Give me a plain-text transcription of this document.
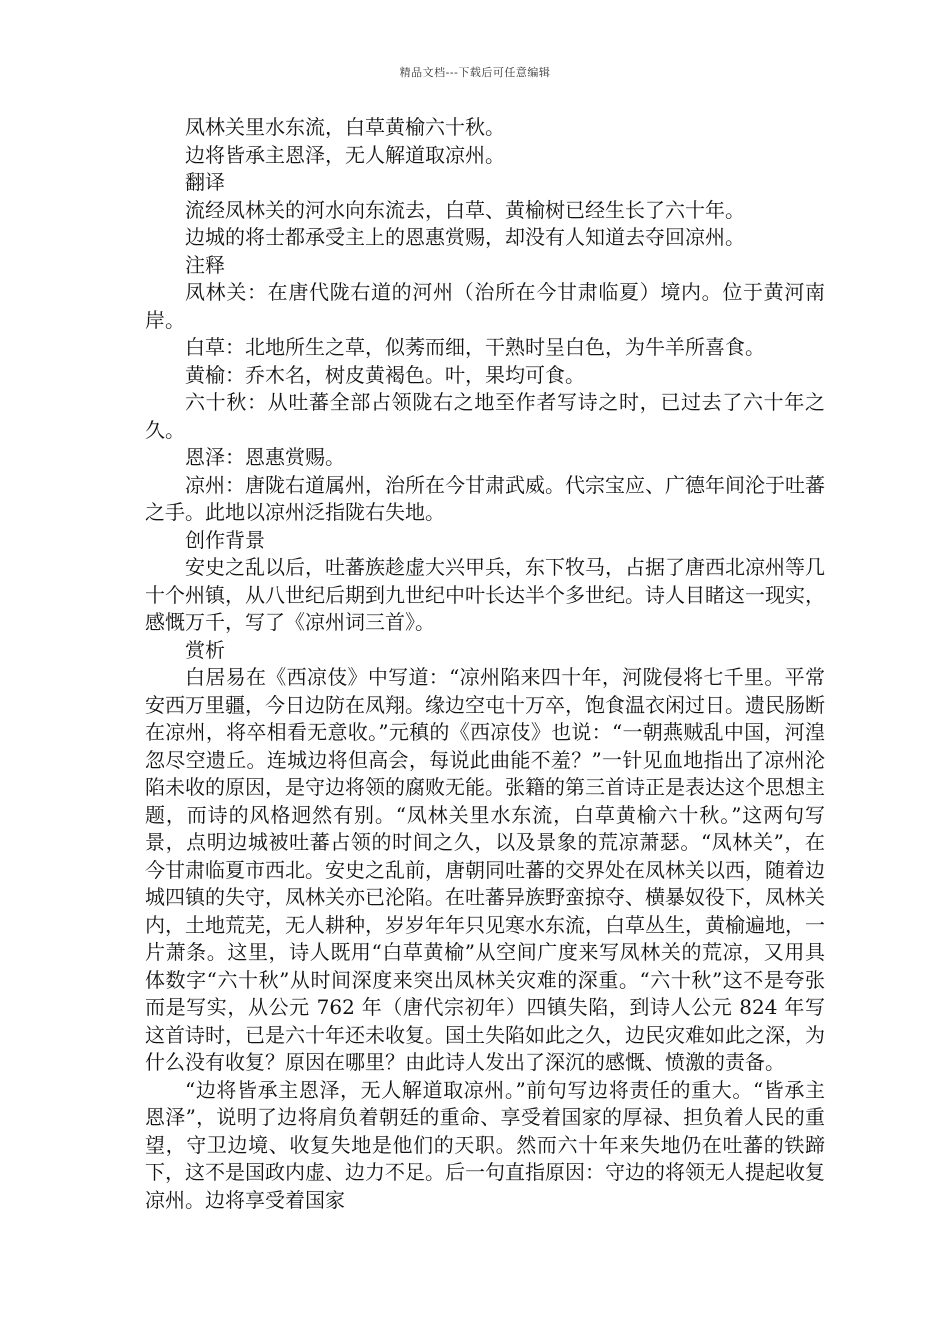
精品文档---下载后可任意编辑

凤林关里水东流，白草黄榆六十秋。

边将皆承主恩泽，无人解道取凉州。

翻译

流经凤林关的河水向东流去，白草、黄榆树已经生长了六十年。

边城的将士都承受主上的恩惠赏赐，却没有人知道去夺回凉州。

注释

凤林关：在唐代陇右道的河州（治所在今甘肃临夏）境内。位于黄河南岸。

白草：北地所生之草，似莠而细，干熟时呈白色，为牛羊所喜食。

黄榆：乔木名，树皮黄褐色。叶，果均可食。

六十秋：从吐蕃全部占领陇右之地至作者写诗之时，已过去了六十年之久。

恩泽：恩惠赏赐。

凉州：唐陇右道属州，治所在今甘肃武威。代宗宝应、广德年间沦于吐蕃之手。此地以凉州泛指陇右失地。

创作背景

安史之乱以后，吐蕃族趁虚大兴甲兵，东下牧马，占据了唐西北凉州等几十个州镇，从八世纪后期到九世纪中叶长达半个多世纪。诗人目睹这一现实，感慨万千，写了《凉州词三首》。

赏析

白居易在《西凉伎》中写道：“凉州陷来四十年，河陇侵将七千里。平常安西万里疆，今日边防在凤翔。缘边空屯十万卒，饱食温衣闲过日。遗民肠断在凉州，将卒相看无意收。”元稹的《西凉伎》也说：“一朝燕贼乱中国，河湟忽尽空遗丘。连城边将但高会，每说此曲能不羞？”一针见血地指出了凉州沦陷未收的原因，是守边将领的腐败无能。张籍的第三首诗正是表达这个思想主题，而诗的风格迥然有别。“凤林关里水东流，白草黄榆六十秋。”这两句写景，点明边城被吐蕃占领的时间之久，以及景象的荒凉萧瑟。“凤林关”，在今甘肃临夏市西北。安史之乱前，唐朝同吐蕃的交界处在凤林关以西，随着边城四镇的失守，凤林关亦已沦陷。在吐蕃异族野蛮掠夺、横暴奴役下，凤林关内，土地荒芜，无人耕种，岁岁年年只见寒水东流，白草丛生，黄榆遍地，一片萧条。这里，诗人既用“白草黄榆”从空间广度来写凤林关的荒凉，又用具体数字“六十秋”从时间深度来突出凤林关灾难的深重。“六十秋”这不是夸张而是写实，从公元 762 年（唐代宗初年）四镇失陷，到诗人公元 824 年写这首诗时，已是六十年还未收复。国土失陷如此之久，边民灾难如此之深，为什么没有收复？原因在哪里？由此诗人发出了深沉的感慨、愤激的责备。

“边将皆承主恩泽，无人解道取凉州。”前句写边将责任的重大。“皆承主恩泽”，说明了边将肩负着朝廷的重命、享受着国家的厚禄、担负着人民的重望，守卫边境、收复失地是他们的天职。然而六十年来失地仍在吐蕃的铁蹄下，这不是国政内虚、边力不足。后一句直指原因：守边的将领无人提起收复凉州。边将享受着国家
